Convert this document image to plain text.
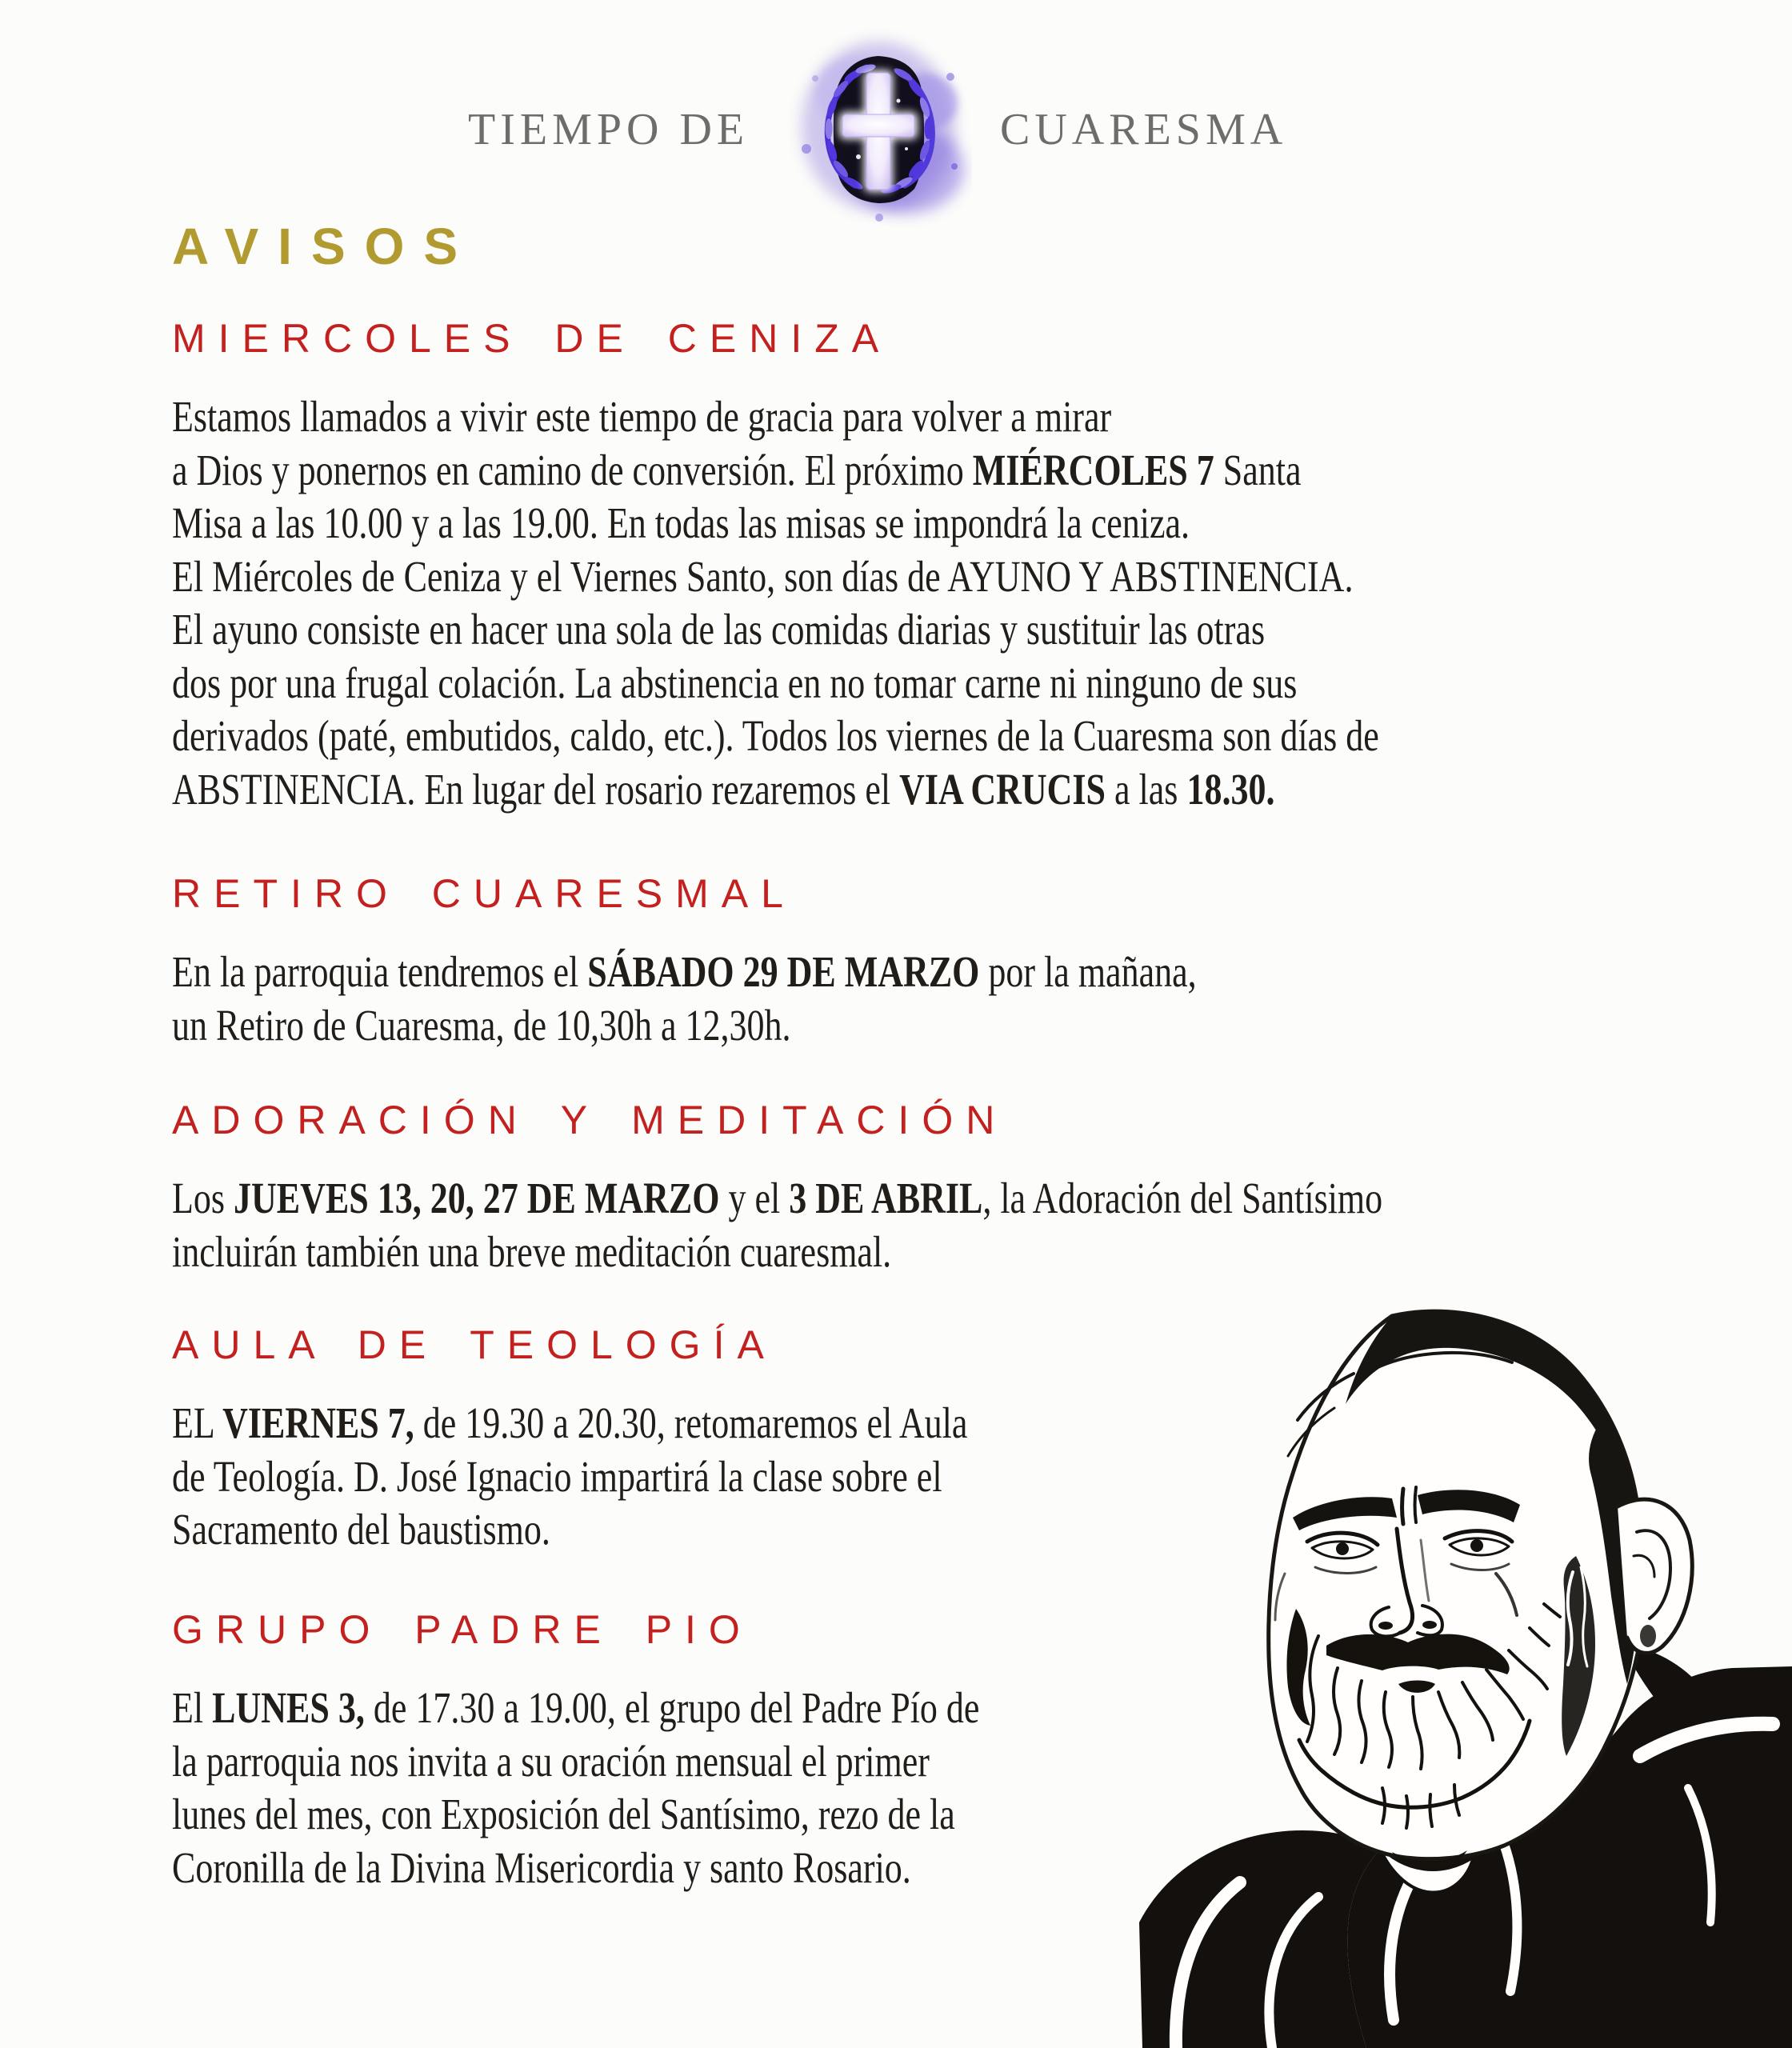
TIEMPO DE	CUARESMA

AVISOS
MIERCOLES DE CENIZA
Estamos llamados a vivir este tiempo de gracia para volver a mirar
a Dios y ponernos en camino de conversión. El próximo MIÉRCOLES 7 Santa
Misa a las 10.00 y a las 19.00. En todas las misas se impondrá la ceniza.
El Miércoles de Ceniza y el Viernes Santo, son días de AYUNO Y ABSTINENCIA.
El ayuno consiste en hacer una sola de las comidas diarias y sustituir las otras
dos por una frugal colación. La abstinencia en no tomar carne ni ninguno de sus
derivados (paté, embutidos, caldo, etc.). Todos los viernes de la Cuaresma son días de
ABSTINENCIA. En lugar del rosario rezaremos el VIA CRUCIS a las 18.30.
RETIRO CUARESMAL
En la parroquia tendremos el SÁBADO 29 DE MARZO por la mañana,
un Retiro de Cuaresma, de 10,30h a 12,30h.
ADORACIÓN Y MEDITACIÓN
Los JUEVES 13, 20, 27 DE MARZO y el 3 DE ABRIL, la Adoración del Santísimo
incluirán también una breve meditación cuaresmal.
AULA DE TEOLOGÍA
EL VIERNES 7, de 19.30 a 20.30, retomaremos el Aula
de Teología. D. José Ignacio impartirá la clase sobre el
Sacramento del baustismo.
GRUPO PADRE PIO
El LUNES 3, de 17.30 a 19.00, el grupo del Padre Pío de
la parroquia nos invita a su oración mensual el primer
lunes del mes, con Exposición del Santísimo, rezo de la
Coronilla de la Divina Misericordia y santo Rosario.
